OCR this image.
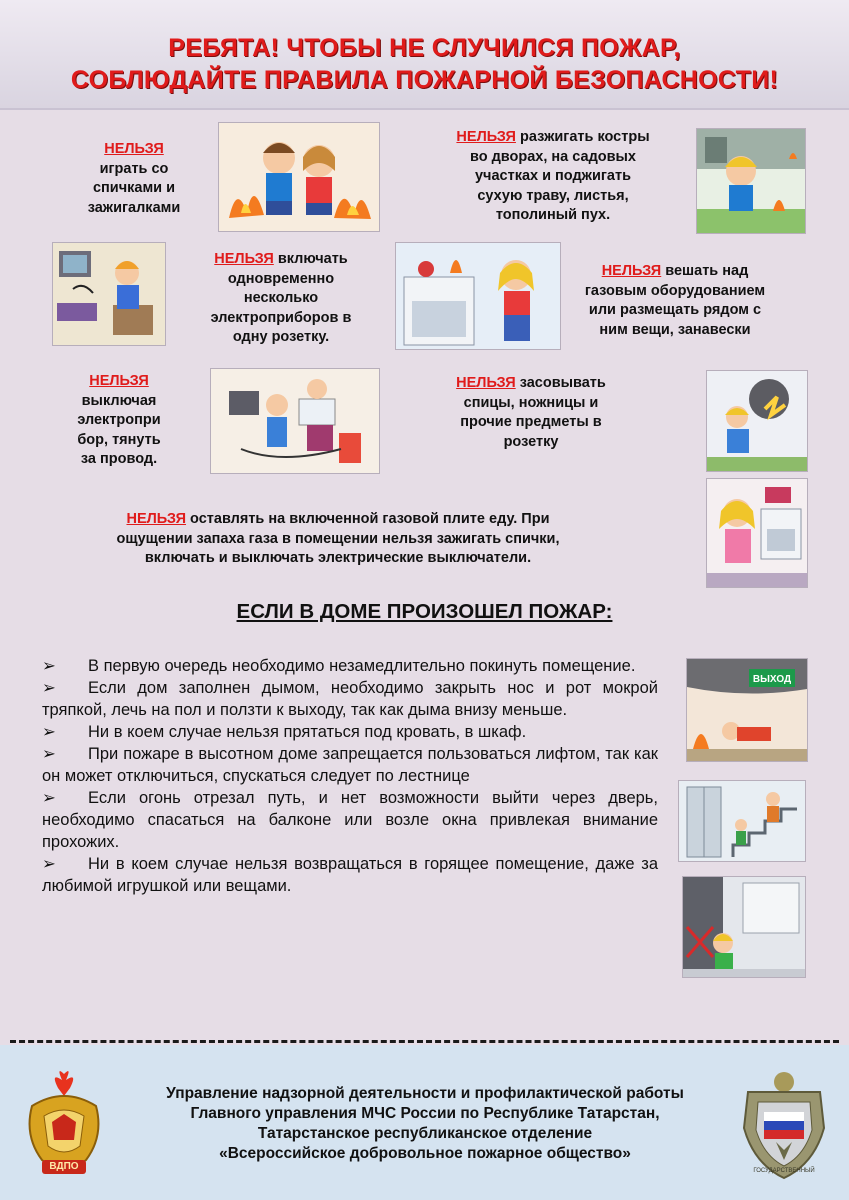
РЕБЯТА! ЧТОБЫ НЕ СЛУЧИЛСЯ ПОЖАР,
СОБЛЮДАЙТЕ ПРАВИЛА ПОЖАРНОЙ БЕЗОПАСНОСТИ!
НЕЛЬЗЯ
играть со
спичками и
зажигалками
НЕЛЬЗЯ разжигать костры
во дворах, на садовых
участках и поджигать
сухую траву, листья,
тополиный пух.
НЕЛЬЗЯ включать
одновременно
несколько
электроприборов в
одну розетку.
НЕЛЬЗЯ вешать над
газовым оборудованием
или размещать рядом с
ним вещи, занавески
НЕЛЬЗЯ
выключая
электропри
бор, тянуть
за провод.
НЕЛЬЗЯ засовывать
спицы, ножницы и
прочие предметы в
розетку
НЕЛЬЗЯ оставлять на включенной газовой плите еду. При
ощущении запаха газа в помещении нельзя зажигать спички,
включать и выключать электрические выключатели.
ЕСЛИ В ДОМЕ ПРОИЗОШЕЛ ПОЖАР:

➢ В первую очередь необходимо незамедлительно покинуть помещение.

➢ Если дом заполнен дымом, необходимо закрыть нос и рот мокрой тряпкой, лечь на пол и ползти к выходу, так как дыма внизу меньше.

➢ Ни в коем случае нельзя прятаться под кровать, в шкаф.

➢ При пожаре в высотном доме запрещается пользоваться лифтом, так как он может отключиться, спускаться следует по лестнице

➢ Если огонь отрезал путь, и нет возможности выйти через дверь, необходимо спасаться на балконе или возле окна привлекая внимание прохожих.

➢ Ни в коем случае нельзя возвращаться в горящее помещение, даже за любимой игрушкой или вещами.

ВЫХОД
ВДПО
Управление надзорной деятельности и профилактической работы
Главного управления МЧС России по Республике Татарстан,
Татарстанское республиканское отделение
«Всероссийское добровольное пожарное общество»
ГОСУДАРСТВЕННЫЙ
